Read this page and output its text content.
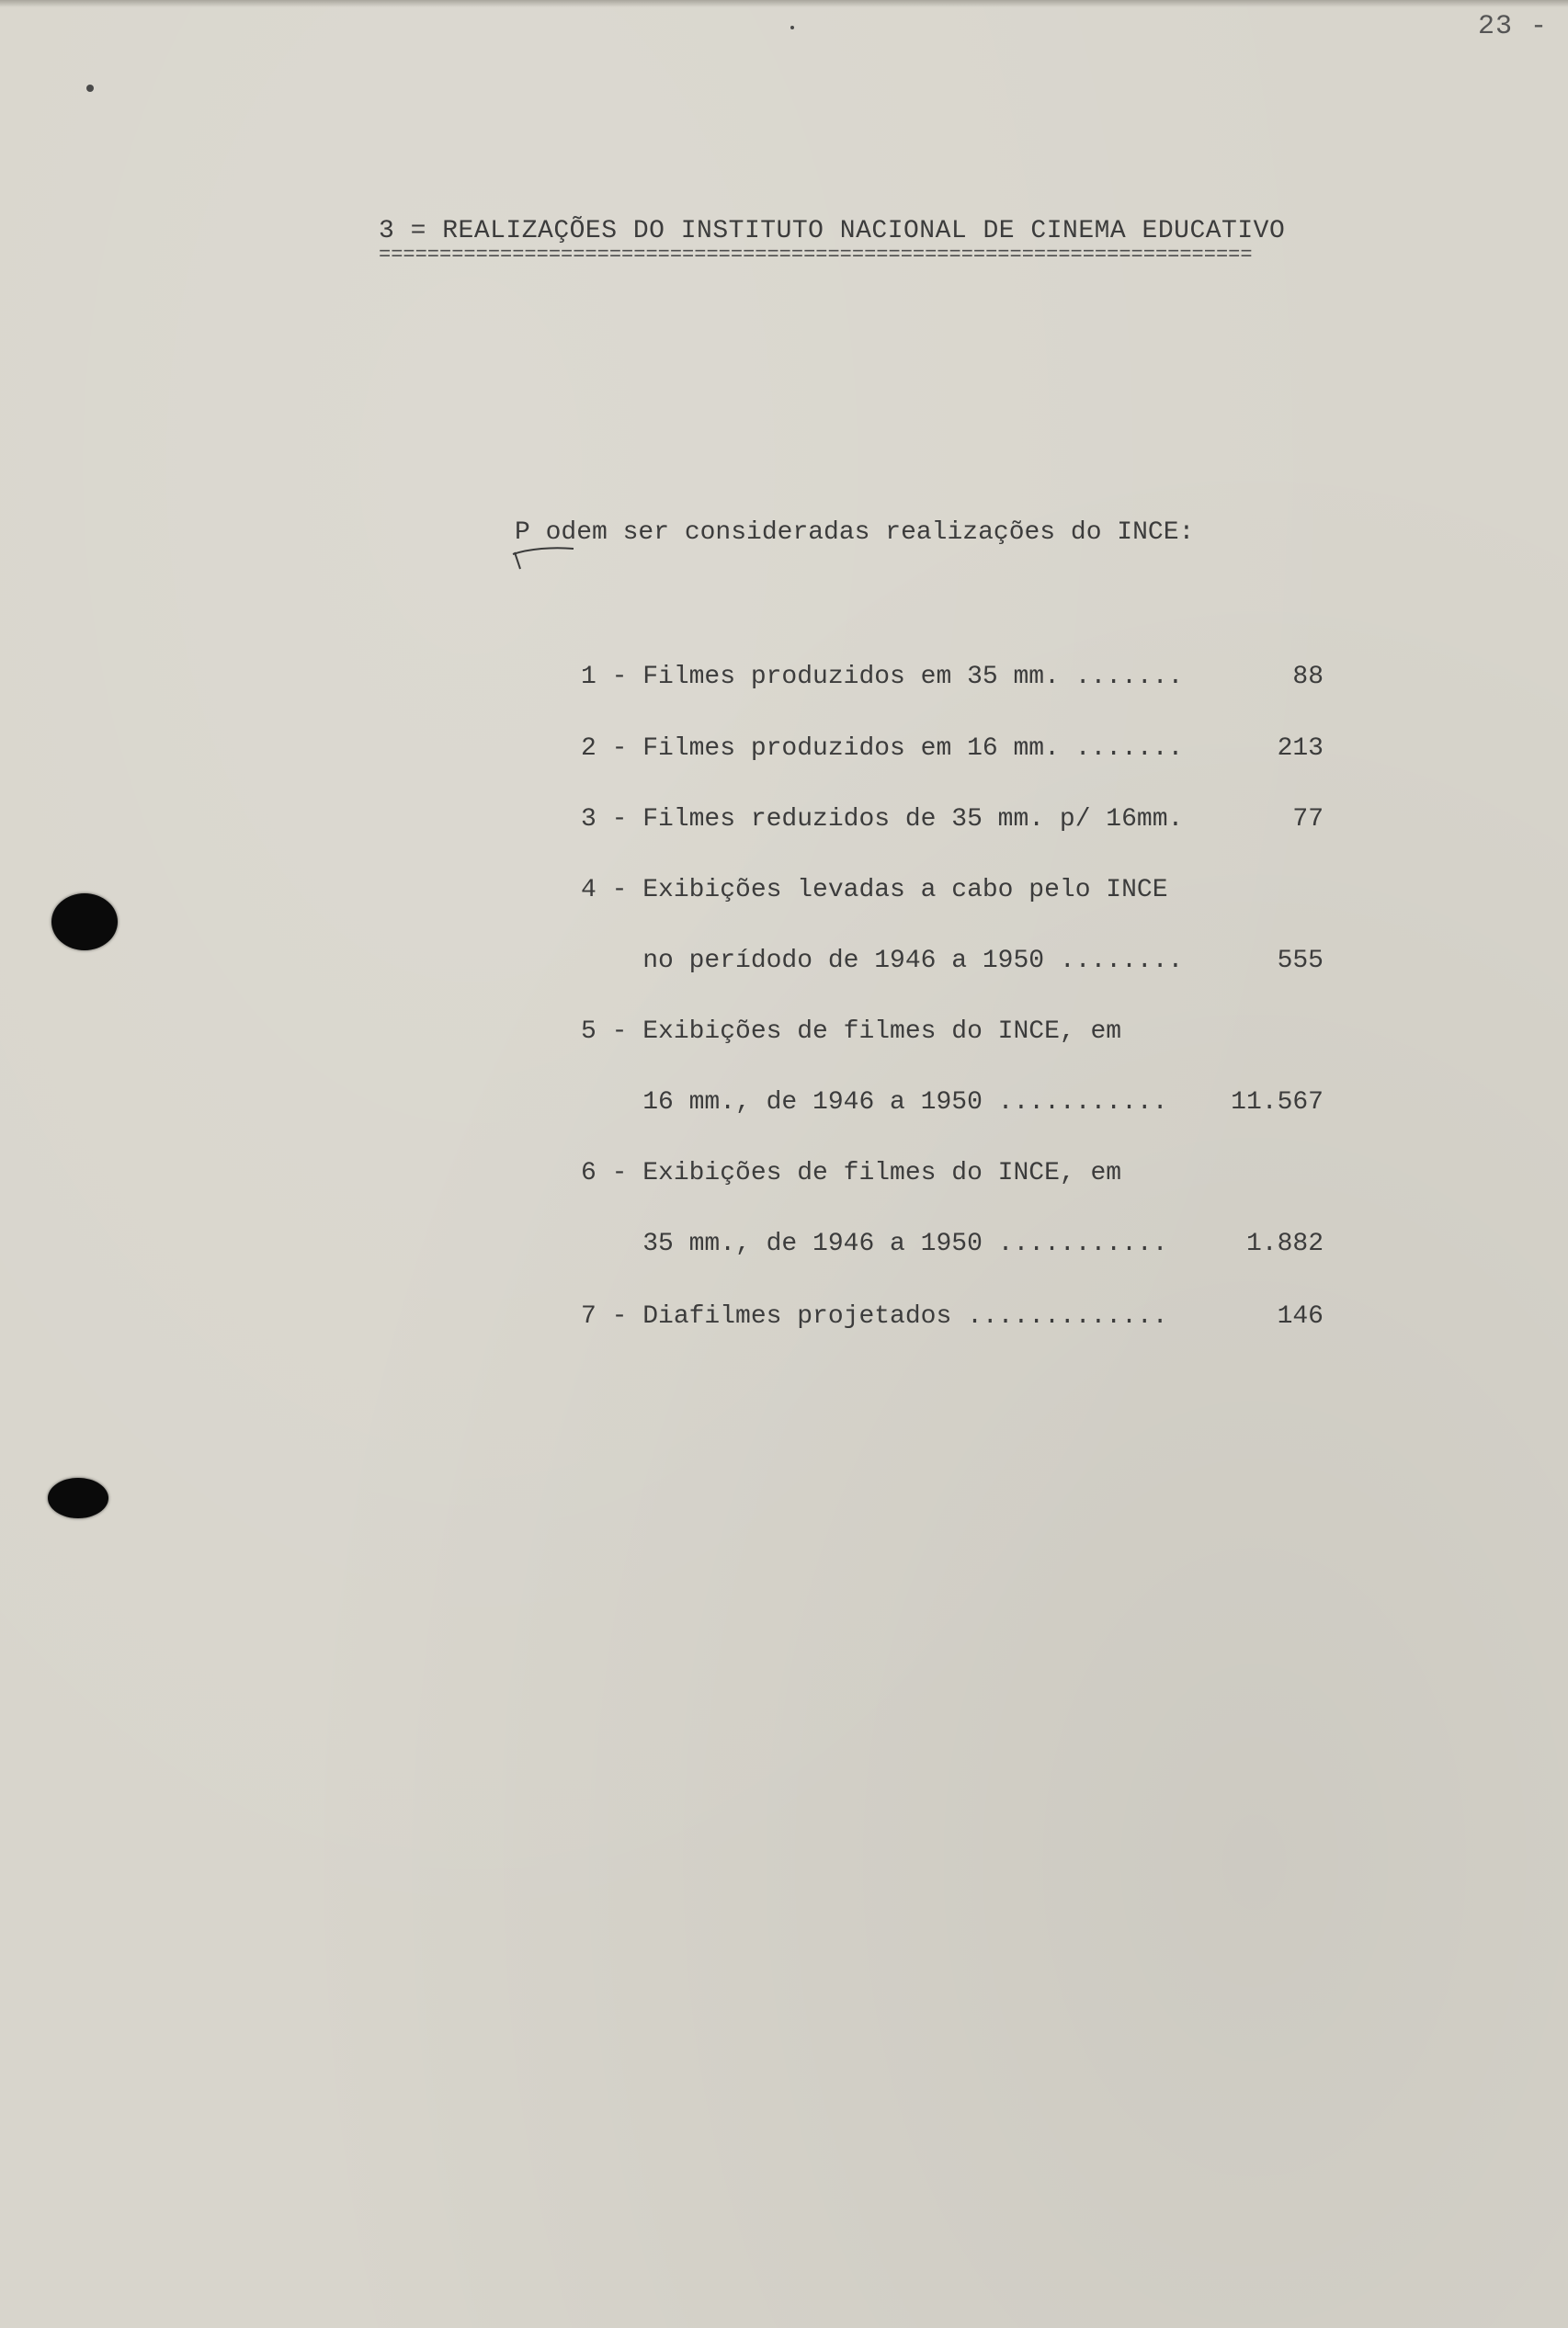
23 -
3 = REALIZAÇÕES DO INSTITUTO NACIONAL DE CINEMA EDUCATIVO
========================================================================
P odem ser consideradas realizações do INCE:
1 - Filmes produzidos em 35 mm. .......	88
2 - Filmes produzidos em 16 mm. .......	213
3 - Filmes reduzidos de 35 mm. p/ 16mm.	77
4 - Exibições levadas a cabo pelo INCE
no perídodo de 1946 a 1950 ........	555
5 - Exibições de filmes do INCE, em
16 mm., de 1946 a 1950 ........... 11.567
6 - Exibições de filmes do INCE, em
35 mm., de 1946 a 1950 ...........	1.882
7 - Diafilmes projetados .............	146
